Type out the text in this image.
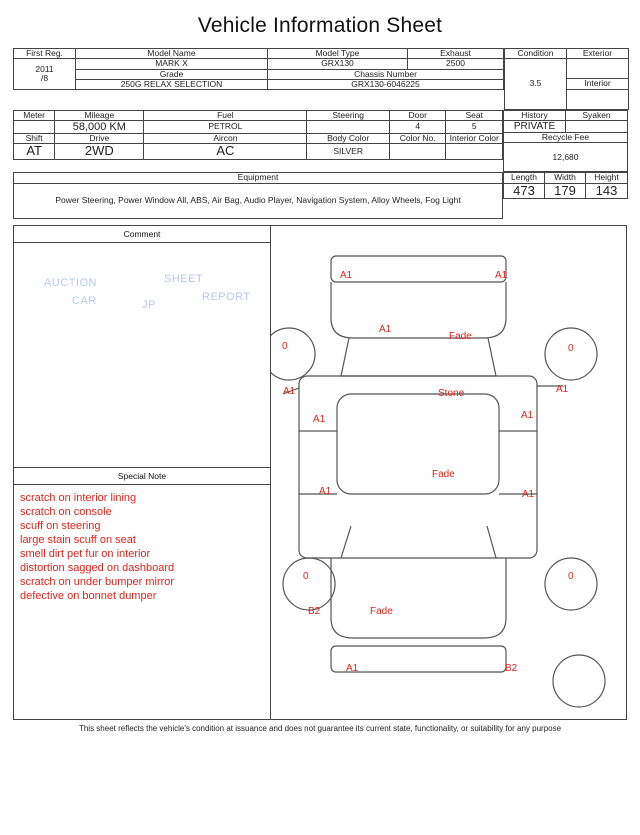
Vehicle Information Sheet
First Reg.	Model Name	Model Type	Exhaust

2011
/8	MARK X	GRX130	2500
	Grade	Chassis Number	
	250G RELAX SELECTION	GRX130-6046225	
Condition	Exterior
3.5	
	Interior

Meter	Mileage	Fuel	Steering	Door	Seat
	58,000 KM	PETROL		4	5
Shift	Drive	Aircon	Body Color	Color No.	Interior Color
AT	2WD	AC	SILVER		
History	Syaken
PRIVATE	
Recycle Fee	
12,680	
Equipment
Power Steering, Power Window All, ABS, Air Bag, Audio Player, Navigation System, Alloy Wheels, Fog Light
Length	Width	Height
473	179	143
Comment
AUCTION	SHEET
REPORT
CAR	JP
Special Note
scratch on interior lining
scratch on console
scuff on steering
large stain scuff on seat
smell dirt pet fur on interior
distortion sagged on dashboard
scratch on under bumper mirror
defective on bonnet dumper
A1	A1
A1
Fade
0	0
A1	Stone	A1
A1	A1
Fade
A1	A1
0	0
B2	Fade
A1	B2
This sheet reflects the vehicle's condition at issuance and does not guarantee its current state, functionality, or suitability for any purpose
